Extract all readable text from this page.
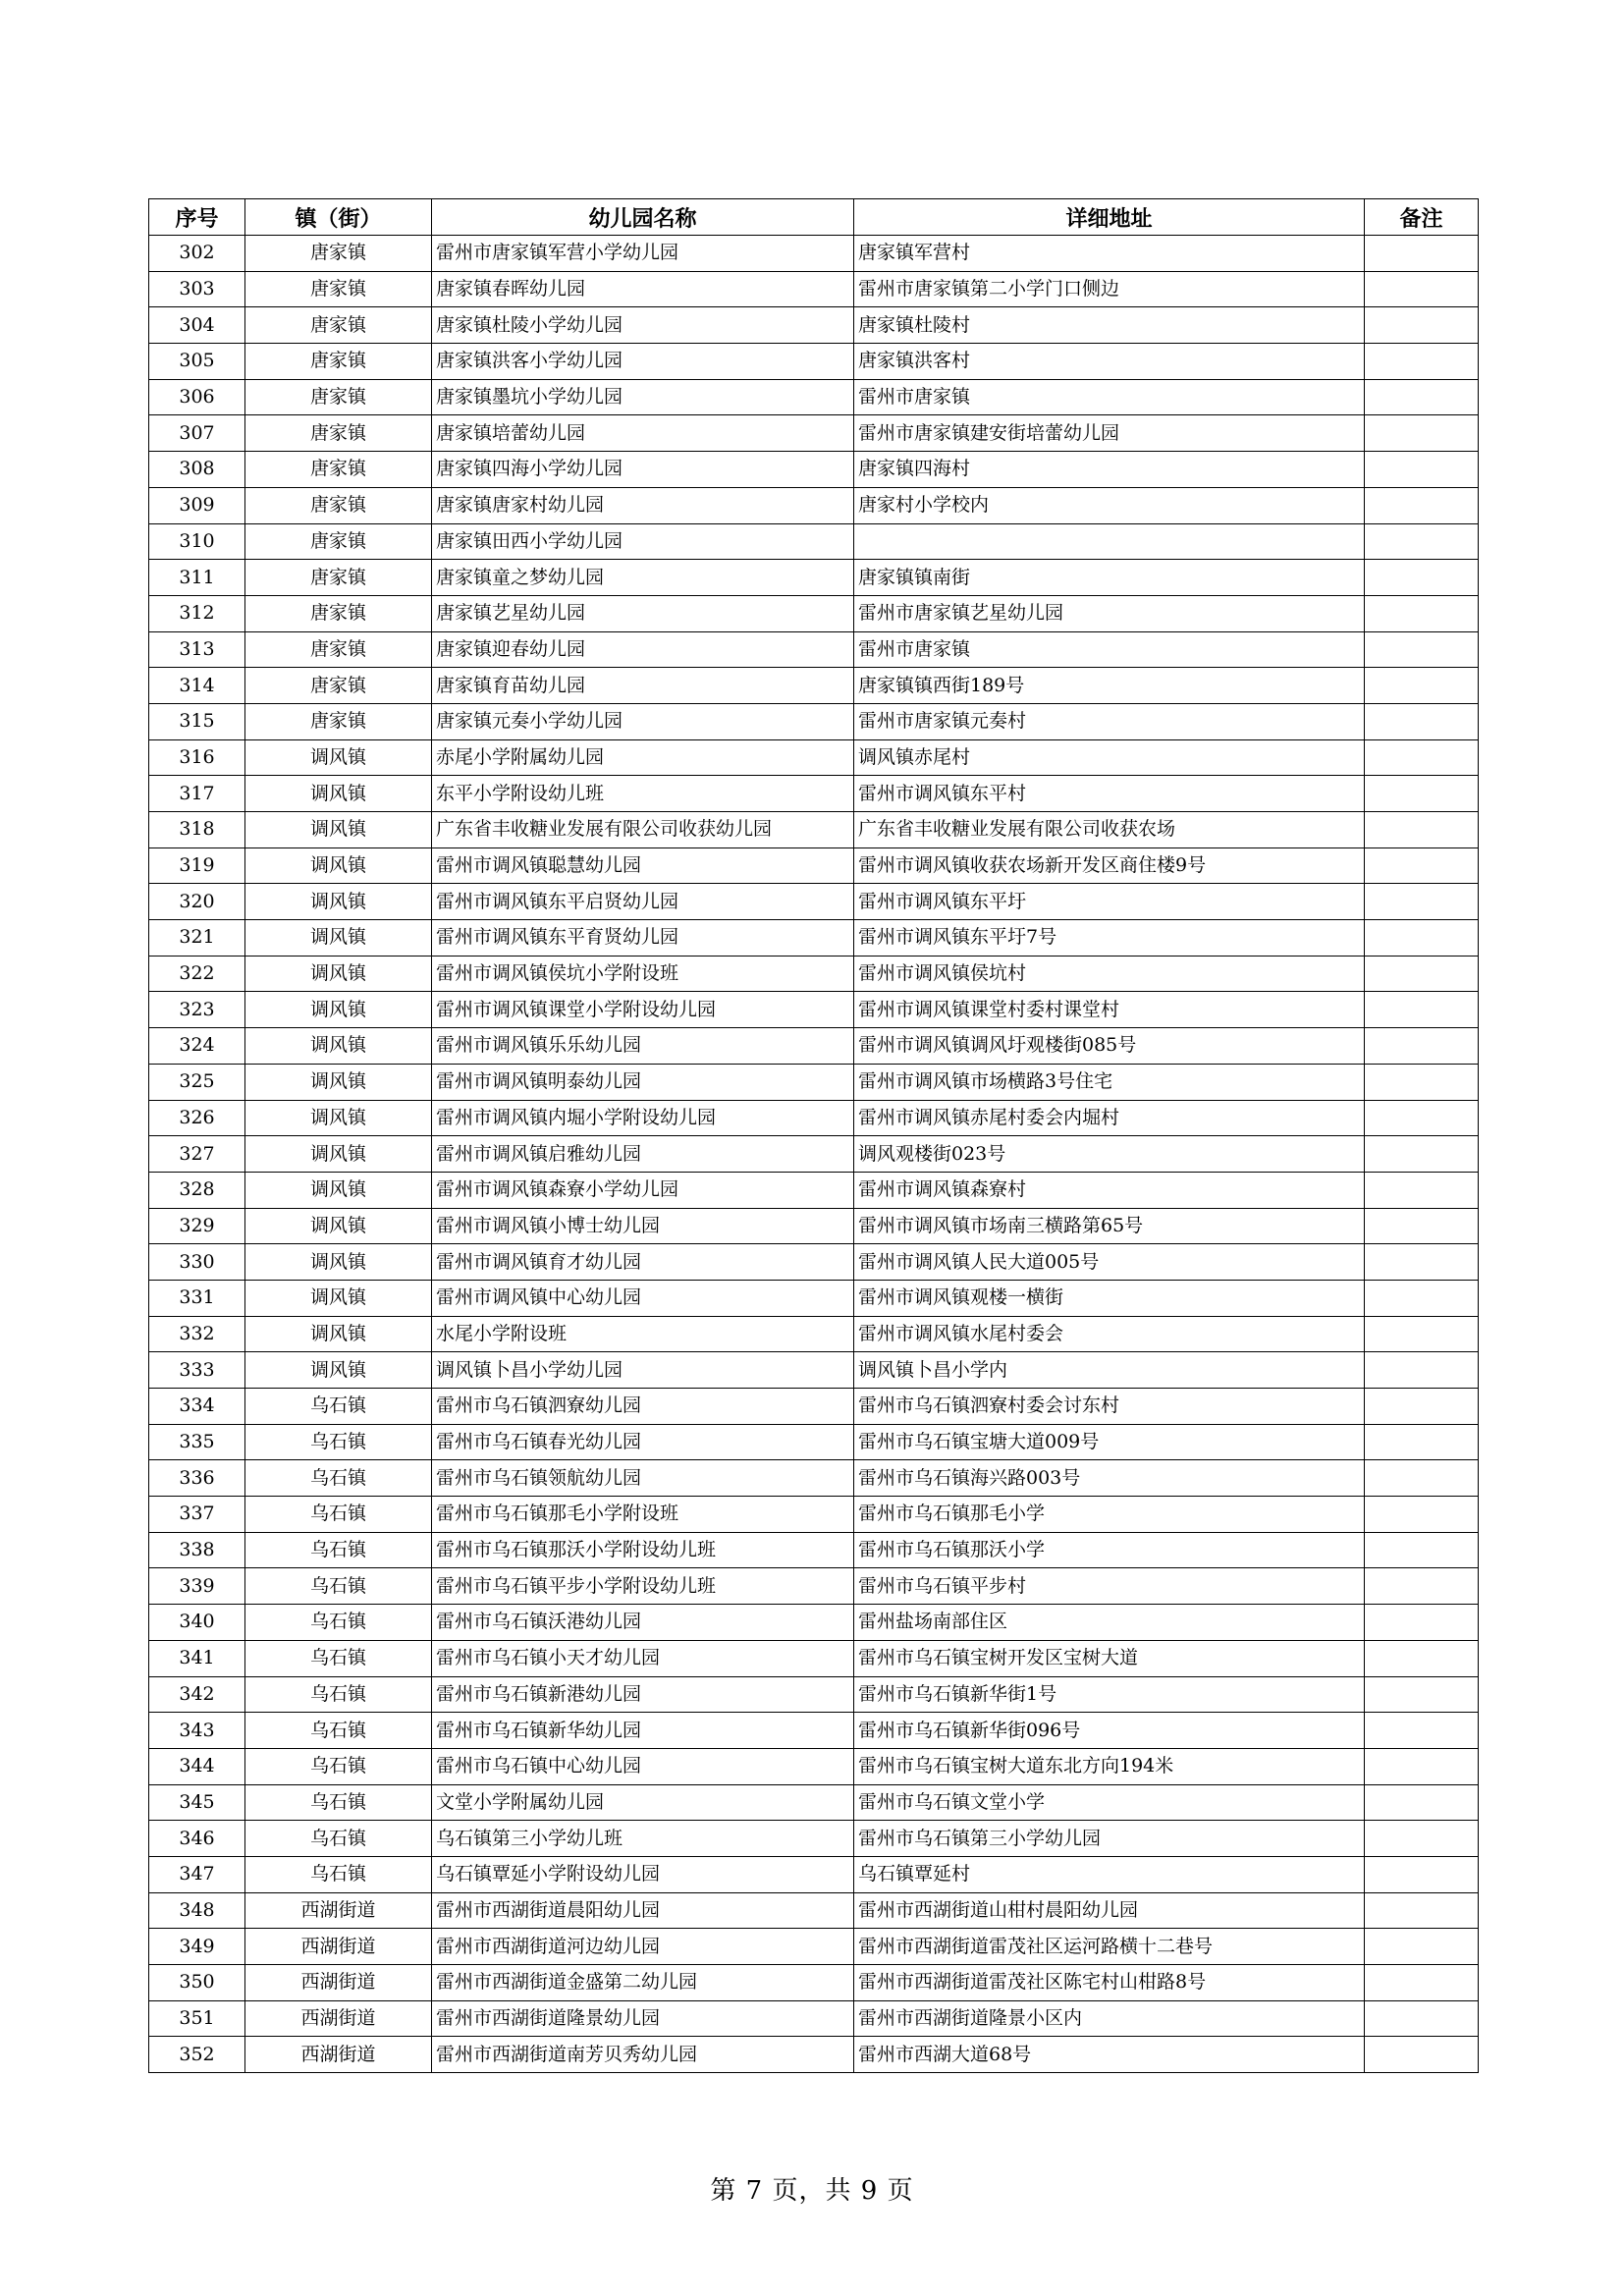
序号	镇（街）	幼儿园名称	详细地址	备注
302	唐家镇	雷州市唐家镇军营小学幼儿园	唐家镇军营村	
303	唐家镇	唐家镇春晖幼儿园	雷州市唐家镇第二小学门口侧边	
304	唐家镇	唐家镇杜陵小学幼儿园	唐家镇杜陵村	
305	唐家镇	唐家镇洪客小学幼儿园	唐家镇洪客村	
306	唐家镇	唐家镇墨坑小学幼儿园	雷州市唐家镇	
307	唐家镇	唐家镇培蕾幼儿园	雷州市唐家镇建安街培蕾幼儿园	
308	唐家镇	唐家镇四海小学幼儿园	唐家镇四海村	
309	唐家镇	唐家镇唐家村幼儿园	唐家村小学校内	
310	唐家镇	唐家镇田西小学幼儿园		
311	唐家镇	唐家镇童之梦幼儿园	唐家镇镇南街	
312	唐家镇	唐家镇艺星幼儿园	雷州市唐家镇艺星幼儿园	
313	唐家镇	唐家镇迎春幼儿园	雷州市唐家镇	
314	唐家镇	唐家镇育苗幼儿园	唐家镇镇西街189号	
315	唐家镇	唐家镇元奏小学幼儿园	雷州市唐家镇元奏村	
316	调风镇	赤尾小学附属幼儿园	调风镇赤尾村	
317	调风镇	东平小学附设幼儿班	雷州市调风镇东平村	
318	调风镇	广东省丰收糖业发展有限公司收获幼儿园	广东省丰收糖业发展有限公司收获农场	
319	调风镇	雷州市调风镇聪慧幼儿园	雷州市调风镇收获农场新开发区商住楼9号	
320	调风镇	雷州市调风镇东平启贤幼儿园	雷州市调风镇东平圩	
321	调风镇	雷州市调风镇东平育贤幼儿园	雷州市调风镇东平圩7号	
322	调风镇	雷州市调风镇侯坑小学附设班	雷州市调风镇侯坑村	
323	调风镇	雷州市调风镇课堂小学附设幼儿园	雷州市调风镇课堂村委村课堂村	
324	调风镇	雷州市调风镇乐乐幼儿园	雷州市调风镇调风圩观楼街085号	
325	调风镇	雷州市调风镇明泰幼儿园	雷州市调风镇市场横路3号住宅	
326	调风镇	雷州市调风镇内堀小学附设幼儿园	雷州市调风镇赤尾村委会内堀村	
327	调风镇	雷州市调风镇启雅幼儿园	调风观楼街023号	
328	调风镇	雷州市调风镇森寮小学幼儿园	雷州市调风镇森寮村	
329	调风镇	雷州市调风镇小博士幼儿园	雷州市调风镇市场南三横路第65号	
330	调风镇	雷州市调风镇育才幼儿园	雷州市调风镇人民大道005号	
331	调风镇	雷州市调风镇中心幼儿园	雷州市调风镇观楼一横街	
332	调风镇	水尾小学附设班	雷州市调风镇水尾村委会	
333	调风镇	调风镇卜昌小学幼儿园	调风镇卜昌小学内	
334	乌石镇	雷州市乌石镇泗寮幼儿园	雷州市乌石镇泗寮村委会讨东村	
335	乌石镇	雷州市乌石镇春光幼儿园	雷州市乌石镇宝塘大道009号	
336	乌石镇	雷州市乌石镇领航幼儿园	雷州市乌石镇海兴路003号	
337	乌石镇	雷州市乌石镇那毛小学附设班	雷州市乌石镇那毛小学	
338	乌石镇	雷州市乌石镇那沃小学附设幼儿班	雷州市乌石镇那沃小学	
339	乌石镇	雷州市乌石镇平步小学附设幼儿班	雷州市乌石镇平步村	
340	乌石镇	雷州市乌石镇沃港幼儿园	雷州盐场南部住区	
341	乌石镇	雷州市乌石镇小天才幼儿园	雷州市乌石镇宝树开发区宝树大道	
342	乌石镇	雷州市乌石镇新港幼儿园	雷州市乌石镇新华街1号	
343	乌石镇	雷州市乌石镇新华幼儿园	雷州市乌石镇新华街096号	
344	乌石镇	雷州市乌石镇中心幼儿园	雷州市乌石镇宝树大道东北方向194米	
345	乌石镇	文堂小学附属幼儿园	雷州市乌石镇文堂小学	
346	乌石镇	乌石镇第三小学幼儿班	雷州市乌石镇第三小学幼儿园	
347	乌石镇	乌石镇覃延小学附设幼儿园	乌石镇覃延村	
348	西湖街道	雷州市西湖街道晨阳幼儿园	雷州市西湖街道山柑村晨阳幼儿园	
349	西湖街道	雷州市西湖街道河边幼儿园	雷州市西湖街道雷茂社区运河路横十二巷号	
350	西湖街道	雷州市西湖街道金盛第二幼儿园	雷州市西湖街道雷茂社区陈宅村山柑路8号	
351	西湖街道	雷州市西湖街道隆景幼儿园	雷州市西湖街道隆景小区内	
352	西湖街道	雷州市西湖街道南芳贝秀幼儿园	雷州市西湖大道68号	
第 7 页，共 9 页
